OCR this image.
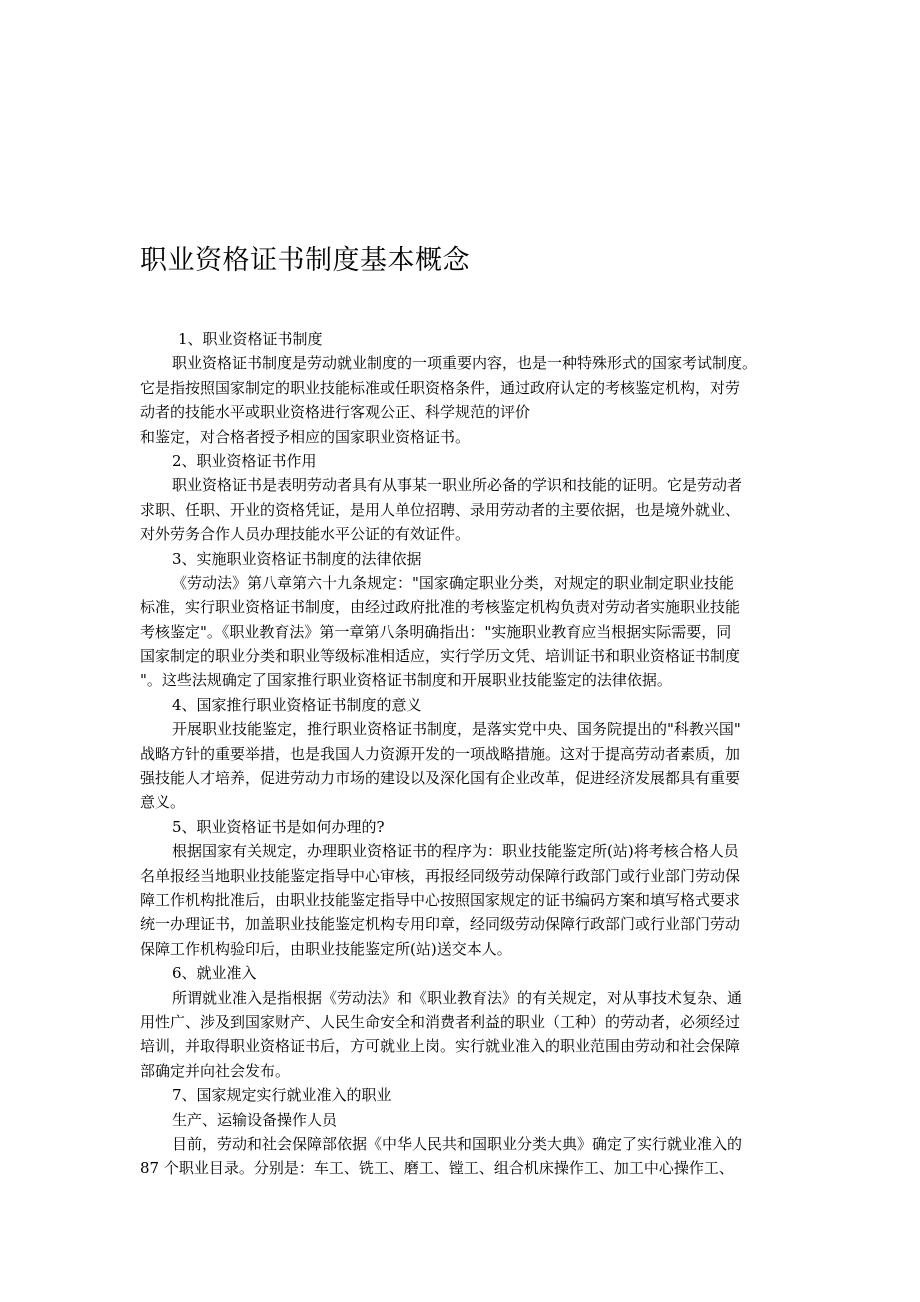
职业资格证书制度基本概念
1、职业资格证书制度
职业资格证书制度是劳动就业制度的一项重要内容，也是一种特殊形式的国家考试制度。
它是指按照国家制定的职业技能标准或任职资格条件，通过政府认定的考核鉴定机构，对劳
动者的技能水平或职业资格进行客观公正、科学规范的评价
和鉴定，对合格者授予相应的国家职业资格证书。
2、职业资格证书作用
职业资格证书是表明劳动者具有从事某一职业所必备的学识和技能的证明。它是劳动者
求职、任职、开业的资格凭证，是用人单位招聘、录用劳动者的主要依据，也是境外就业、
对外劳务合作人员办理技能水平公证的有效证件。
3、实施职业资格证书制度的法律依据
《劳动法》第八章第六十九条规定："国家确定职业分类，对规定的职业制定职业技能
标准，实行职业资格证书制度，由经过政府批准的考核鉴定机构负责对劳动者实施职业技能
考核鉴定"。《职业教育法》第一章第八条明确指出："实施职业教育应当根据实际需要，同
国家制定的职业分类和职业等级标准相适应，实行学历文凭、培训证书和职业资格证书制度
"。这些法规确定了国家推行职业资格证书制度和开展职业技能鉴定的法律依据。
4、国家推行职业资格证书制度的意义
开展职业技能鉴定，推行职业资格证书制度，是落实党中央、国务院提出的"科教兴国"
战略方针的重要举措，也是我国人力资源开发的一项战略措施。这对于提高劳动者素质，加
强技能人才培养，促进劳动力市场的建设以及深化国有企业改革，促进经济发展都具有重要
意义。
5、职业资格证书是如何办理的?
根据国家有关规定，办理职业资格证书的程序为：职业技能鉴定所(站)将考核合格人员
名单报经当地职业技能鉴定指导中心审核，再报经同级劳动保障行政部门或行业部门劳动保
障工作机构批准后，由职业技能鉴定指导中心按照国家规定的证书编码方案和填写格式要求
统一办理证书，加盖职业技能鉴定机构专用印章，经同级劳动保障行政部门或行业部门劳动
保障工作机构验印后，由职业技能鉴定所(站)送交本人。
6、就业准入
所谓就业准入是指根据《劳动法》和《职业教育法》的有关规定，对从事技术复杂、通
用性广、涉及到国家财产、人民生命安全和消费者利益的职业（工种）的劳动者，必须经过
培训，并取得职业资格证书后，方可就业上岗。实行就业准入的职业范围由劳动和社会保障
部确定并向社会发布。
7、国家规定实行就业准入的职业
生产、运输设备操作人员
目前，劳动和社会保障部依据《中华人民共和国职业分类大典》确定了实行就业准入的
87 个职业目录。分别是：车工、铣工、磨工、镗工、组合机床操作工、加工中心操作工、
